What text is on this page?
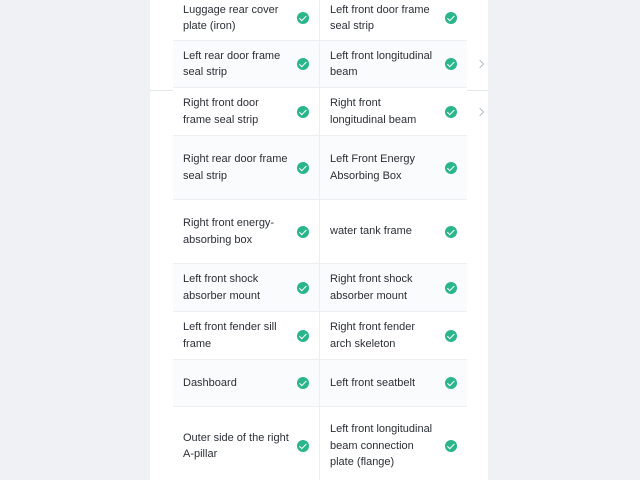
Luggage rear cover plate (iron)
Left front door frame seal strip
Left rear door frame seal strip
Left front longitudinal beam
Right front door frame seal strip
Right front longitudinal beam
Right rear door frame seal strip
Left Front Energy Absorbing Box
Right front energy-absorbing box
water tank frame
Left front shock absorber mount
Right front shock absorber mount
Left front fender sill frame
Right front fender arch skeleton
Dashboard	Left front seatbelt
Outer side of the right A-pillar
Left front longitudinal beam connection plate (flange)
